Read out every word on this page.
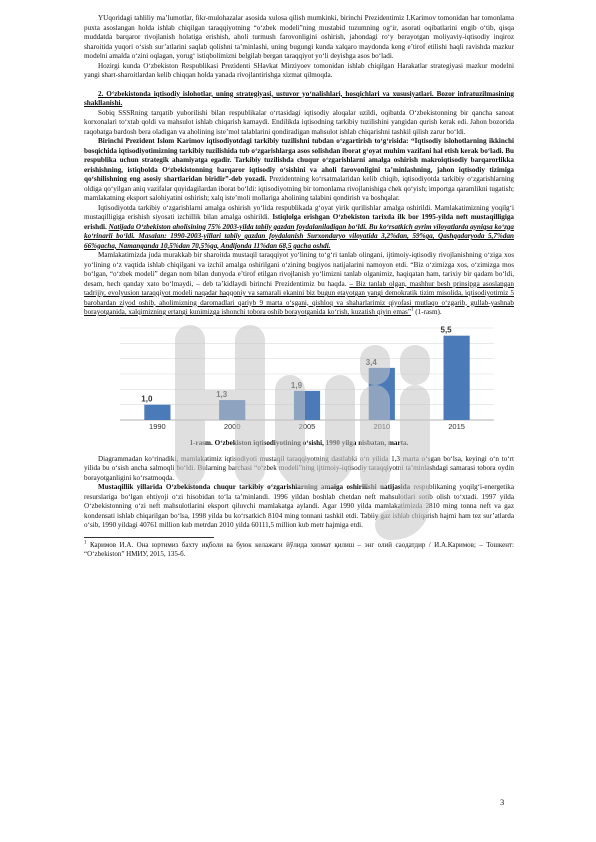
YUqoridagi tahliliy ma’lumotlar, fikr-mulohazalar asosida xulosa qilish mumkinki, birinchi Prezidentimiz I.Karimov tomonidan har tomonlama puxta asoslangan holda ishlab chiqilgan taraqqiyotning “o‘zbek modeli”ning mustabid tuzumning og‘ir, asorati oqibatlarini engib o‘tib, qisqa muddatda barqaror rivojlanish holatiga erishish, aholi turmush farovonligini oshirish, jahondagi ro‘y berayotgan moliyaviy-iqtisodiy inqiroz sharoitida yuqori o‘sish sur’atlarini saqlab qolishni ta’minlashi, uning bugungi kunda xalqaro maydonda keng e’tirof etilishi haqli ravishda mazkur modelni amalda o‘zini oqlagan, yorug‘ istiqbolimizni belgilab bergan taraqqiyot yo‘li deyishga asos bo‘ladi.

Hozirgi kunda O‘zbekiston Respublikasi Prezidenti SHavkat Mirziyoev tomonidan ishlab chiqilgan Harakatlar strategiyasi mazkur modelni yangi shart-sharoitlardan kelib chiqqan holda yanada rivojlantirishga xizmat qilmoqda.

2. O‘zbekistonda iqtisodiy islohotlar, uning strategiyasi, ustuvor yo‘nalishlari, hosqichlari va xususiyatlari. Bozor infratuzilmasining shakllanishi.

Sobiq SSSRning tarqatib yuborilishi bilan respublikalar o‘rtasidagi iqtisodiy aloqalar uzildi, oqibatda O‘zbekistonning bir qancha sanoat korxonalari to‘xtab qoldi va mahsulot ishlab chiqarish kamaydi. Endilikda iqtisodning tarkibiy tuzilishini yangidan qurish kerak edi. Jahon bozorida raqobatga bardosh bera oladigan va aholining iste’mol talablarini qondiradigan mahsulot ishlab chiqarishni tashkil qilish zarur bo‘ldi.

Birinchi Prezident Islom Karimov iqtisodiyotdagi tarkibiy tuzilishni tubdan o‘zgartirish to‘g‘risida: “Iqtisodiy islohotlarning ikkinchi bosqichida iqtisodiyotimizning tarkibiy tuzilishida tub o‘zgarishlarga asos solishdan iborat g‘oyat muhim vazifani hal etish kerak bo‘ladi. Bu respublika uchun strategik ahamiyatga egadir. Tarkibiy tuzilishda chuqur o‘zgarishlarni amalga oshirish makroiqtisodiy barqarorlikka erishishning, istiqbolda O‘zbekistonning barqaror iqtisodiy o‘sishini va aholi farovonligini ta’minlashning, jahon iqtisodiy tizimiga qo‘shilishning eng asosiy shartlaridan biridir”-deb yozadi. Prezidentning ko‘rsatmalaridan kelib chiqib, iqtisodiyotda tarkibiy o‘zgarishlarning oldiga qo‘yilgan aniq vazifalar quyidagilardan iborat bo‘ldi: iqtisodiyotning bir tomonlama rivojlanishiga chek qo‘yish; importga qaramlikni tugatish; mamlakatning eksport salohiyatini oshirish; xalq iste’moli mollariga aholining talabini qondirish va boshqalar.

Iqtisodiyotda tarkibiy o‘zgarishlarni amalga oshirish yo‘lida respublikada g‘oyat yirik qurilishlar amalga oshirildi. Mamlakatimizning yoqilg‘i mustaqilligiga erishish siyosati izchillik bilan amalga oshirildi. Istiqlolga erishgan O‘zbekiston tarixda ilk bor 1995-yilda neft mustaqilligiga erishdi. Natijada O‘zbekiston aholisining 75% 2003-yilda tabiiy gazdan foydalaniladigan bo‘ldi. Bu ko‘rsatkich ayrim viloyatlarda ayniqsa ko‘zga ko‘rinarli bo‘ldi. Masalan: 1990-2003-yillari tabiiy gazdan foydalanish Surxondaryo viloyatida 3,2%dan, 59%ga, Qashqadaryoda 5,7%dan 66%gacha, Namanganda 10,5%dan 70,5%ga, Andijonda 11%dan 68,5 gacha oshdi.

Mamlakatimizda juda murakkab bir sharoitda mustaqil taraqqiyot yo‘lining to‘g‘ri tanlab olingani, ijtimoiy-iqtisodiy rivojlanishning o‘ziga xos yo‘lining o‘z vaqtida ishlab chiqilgani va izchil amalga oshirilgani o‘zining bugiyos natijalarini namoyon etdi. “Biz o‘zimizga xos, o‘zimizga mos bo‘lgan, “o‘zbek modeli” degan nom bilan dunyoda e’tirof etilgan rivojlanish yo‘limizni tanlab olganimiz, haqiqatan ham, tarixiy bir qadam bo‘ldi, desam, hech qanday xato bo‘lmaydi, – deb ta’kidlaydi birinchi Prezidentimiz bu haqda. – Biz tanlab olgan, mashhur besh prinsipga asoslangan tadrijiy, evolyusion taraqqiyot modeli naqadar haqqoniy va samarali ekanini biz bugun etayotgan yangi demokratik tizim misolida, iqtisodiyotimiz 5 barobardan ziyod oshib, aholimizning daromadlari qariyb 9 marta o‘sgani, qishloq va shaharlarimiz qiyofasi mutlaqo o‘zgarib, gullab-yashnab borayotganida, xalqimizning ertangi kunimizga ishonchi tobora oshib borayotganida ko‘rish, kuzatish qiyin emas”$^1$ (1-rasm).

1,0
1990
1,3
2000
1,9
2005
3,4
2010
5,5
2015

1-rasm. O‘zbekiston iqtisodiyotining o‘sishi, 1990 yilga nisbatan, marta.

Diagrammadan ko‘rinadiki, mamlakatimiz iqtisodiyoti mustaqil taraqqiyotning dastlabki o‘n yilida 1,3 marta o‘sgan bo‘lsa, keyingi o‘n to‘rt yilida bu o‘sish ancha salmoqli bo‘ldi. Bularning barchasi “o‘zbek modeli”ning ijtimoiy-iqtisodiy taraqqiyotni ta’minlashdagi samarasi tobora oydin borayotganligini ko‘rsatmoqda.

Mustaqillik yillarida O‘zbekistonda chuqur tarkibiy o‘zgarishlarning amalga oshirilishi natijasida respublikaning yoqilg‘i-energetika resurslariga bo‘lgan ehtiyoji o‘zi hisobidan to‘la ta’minlandi. 1996 yildan boshlab chetdan neft mahsulotlari sotib olish to‘xtadi. 1997 yilda O‘zbekistonning o‘zi neft mahsulotlarini eksport qiluvchi mamlakatga aylandi. Agar 1990 yilda mamlakatimizda 2810 ming tonna neft va gaz kondensati ishlab chiqarilgan bo‘lsa, 1998 yilda bu ko‘rsatkich 8104 ming tonnani tashkil etdi. Tabiiy gaz ishlab chiqarish hajmi ham tez sur’atlarda o‘sib, 1990 yildagi 40761 million kub metrdan 2010 yilda 60111,5 million kub metr hajmiga etdi.

$^1$ Каримов И.А. Она юртимиз бахту иқболи ва буюк келажаги йўлида хизмат қилиш – энг олий саодатдир / И.А.Каримов; – Тошкент: “O‘zbekiston” НМИУ, 2015, 135-б.

3
